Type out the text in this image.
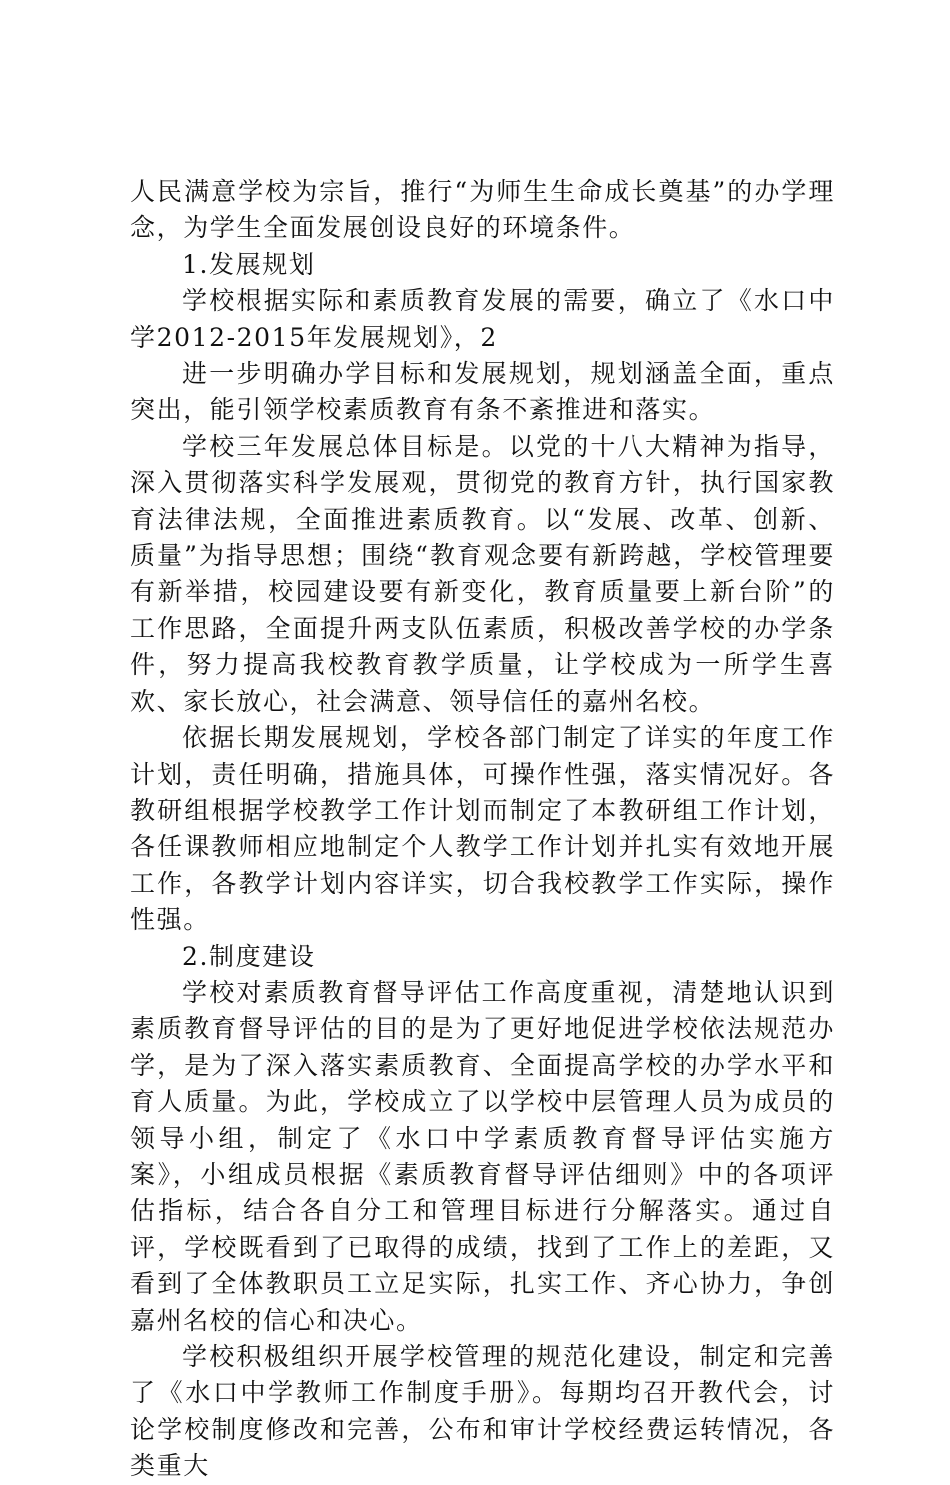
人民满意学校为宗旨，推行“为师生生命成长奠基”的办学理念，为学生全面发展创设良好的环境条件。

1.发展规划

学校根据实际和素质教育发展的需要，确立了《水口中学2012-2015年发展规划》，2

进一步明确办学目标和发展规划，规划涵盖全面，重点突出，能引领学校素质教育有条不紊推进和落实。

学校三年发展总体目标是。以党的十八大精神为指导，深入贯彻落实科学发展观，贯彻党的教育方针，执行国家教育法律法规，全面推进素质教育。以“发展、改革、创新、质量”为指导思想；围绕“教育观念要有新跨越，学校管理要有新举措，校园建设要有新变化，教育质量要上新台阶”的工作思路，全面提升两支队伍素质，积极改善学校的办学条件，努力提高我校教育教学质量，让学校成为一所学生喜欢、家长放心，社会满意、领导信任的嘉州名校。

依据长期发展规划，学校各部门制定了详实的年度工作计划，责任明确，措施具体，可操作性强，落实情况好。各教研组根据学校教学工作计划而制定了本教研组工作计划，各任课教师相应地制定个人教学工作计划并扎实有效地开展工作，各教学计划内容详实，切合我校教学工作实际，操作性强。

2.制度建设

学校对素质教育督导评估工作高度重视，清楚地认识到素质教育督导评估的目的是为了更好地促进学校依法规范办学，是为了深入落实素质教育、全面提高学校的办学水平和育人质量。为此，学校成立了以学校中层管理人员为成员的领导小组，制定了《水口中学素质教育督导评估实施方案》，小组成员根据《素质教育督导评估细则》中的各项评估指标，结合各自分工和管理目标进行分解落实。通过自评，学校既看到了已取得的成绩，找到了工作上的差距，又看到了全体教职员工立足实际，扎实工作、齐心协力，争创嘉州名校的信心和决心。

学校积极组织开展学校管理的规范化建设，制定和完善了《水口中学教师工作制度手册》。每期均召开教代会，讨论学校制度修改和完善，公布和审计学校经费运转情况，各类重大
